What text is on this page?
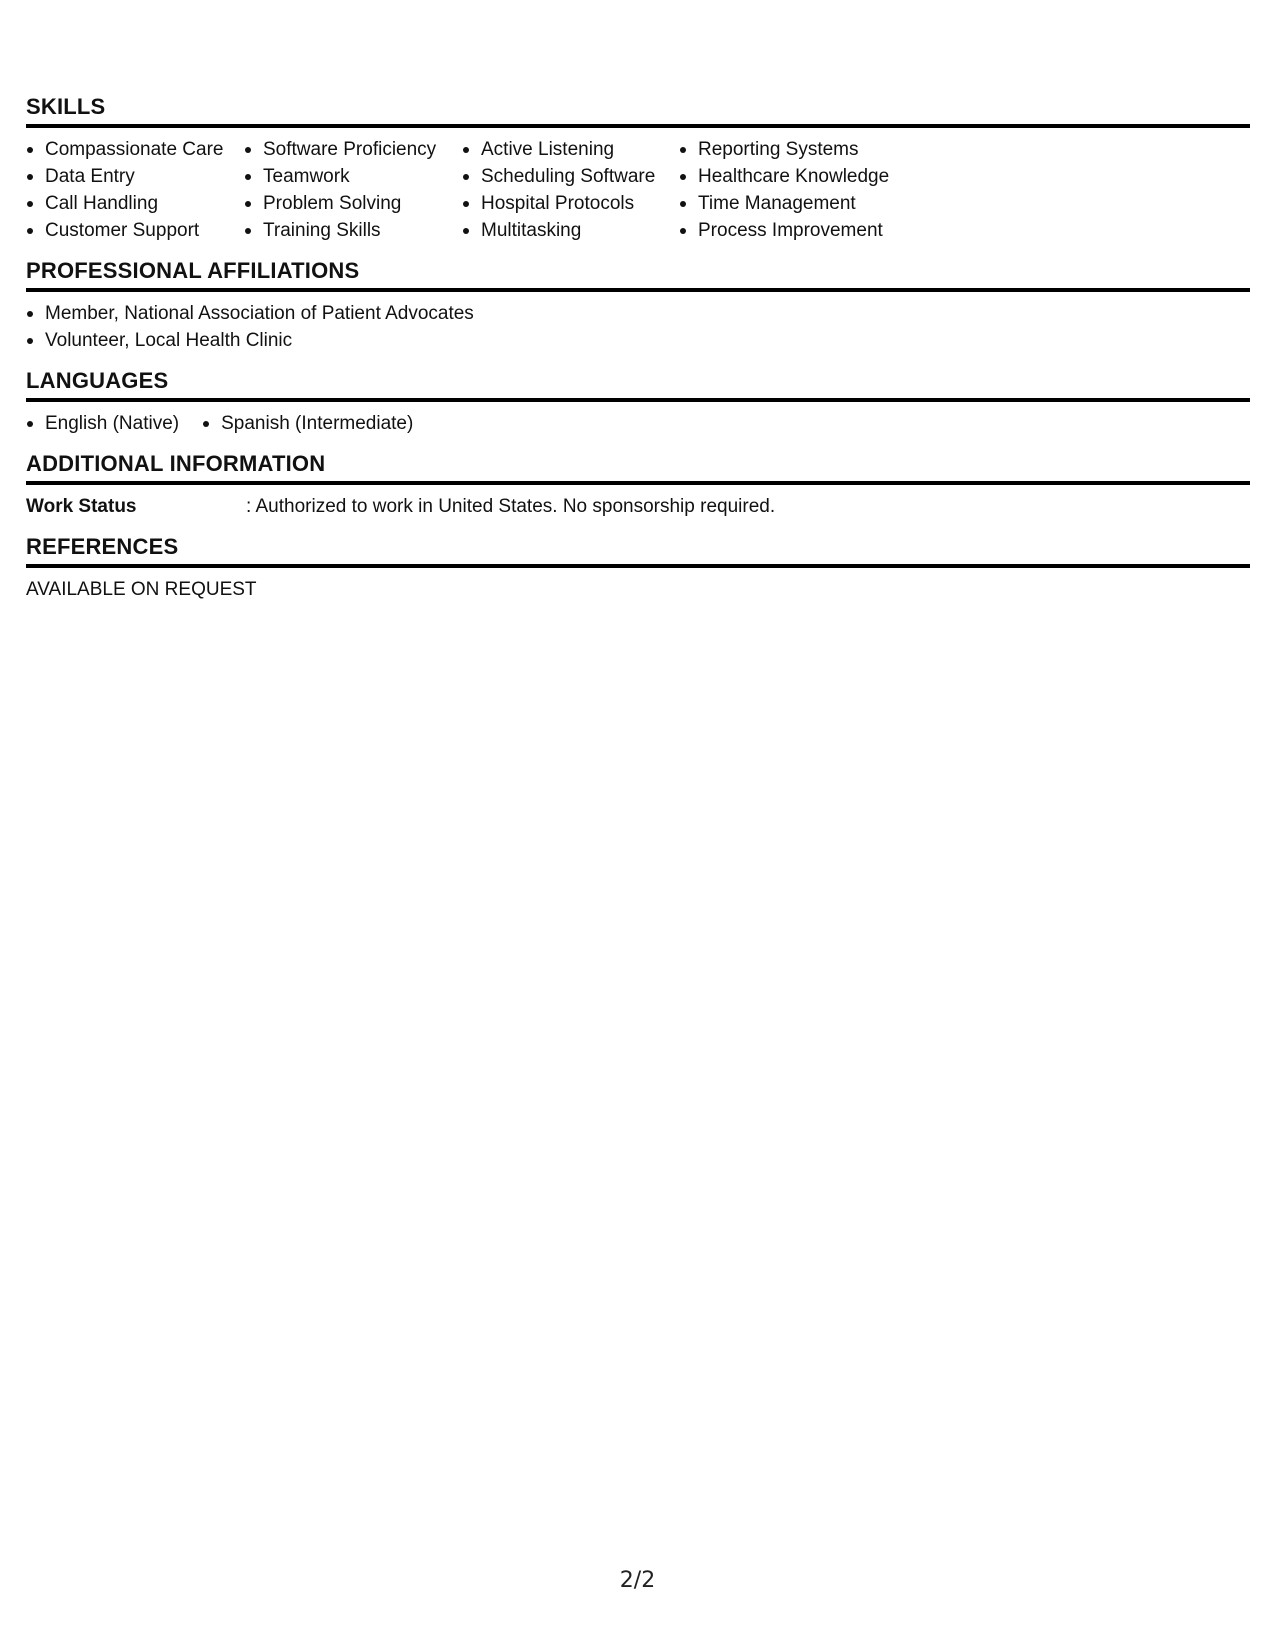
SKILLS
Compassionate Care
Data Entry
Call Handling
Customer Support
Software Proficiency
Teamwork
Problem Solving
Training Skills
Active Listening
Scheduling Software
Hospital Protocols
Multitasking
Reporting Systems
Healthcare Knowledge
Time Management
Process Improvement
PROFESSIONAL AFFILIATIONS
Member, National Association of Patient Advocates
Volunteer, Local Health Clinic
LANGUAGES
English (Native)	Spanish (Intermediate)
ADDITIONAL INFORMATION
Work Status	: Authorized to work in United States. No sponsorship required.
REFERENCES
AVAILABLE ON REQUEST
2/2
